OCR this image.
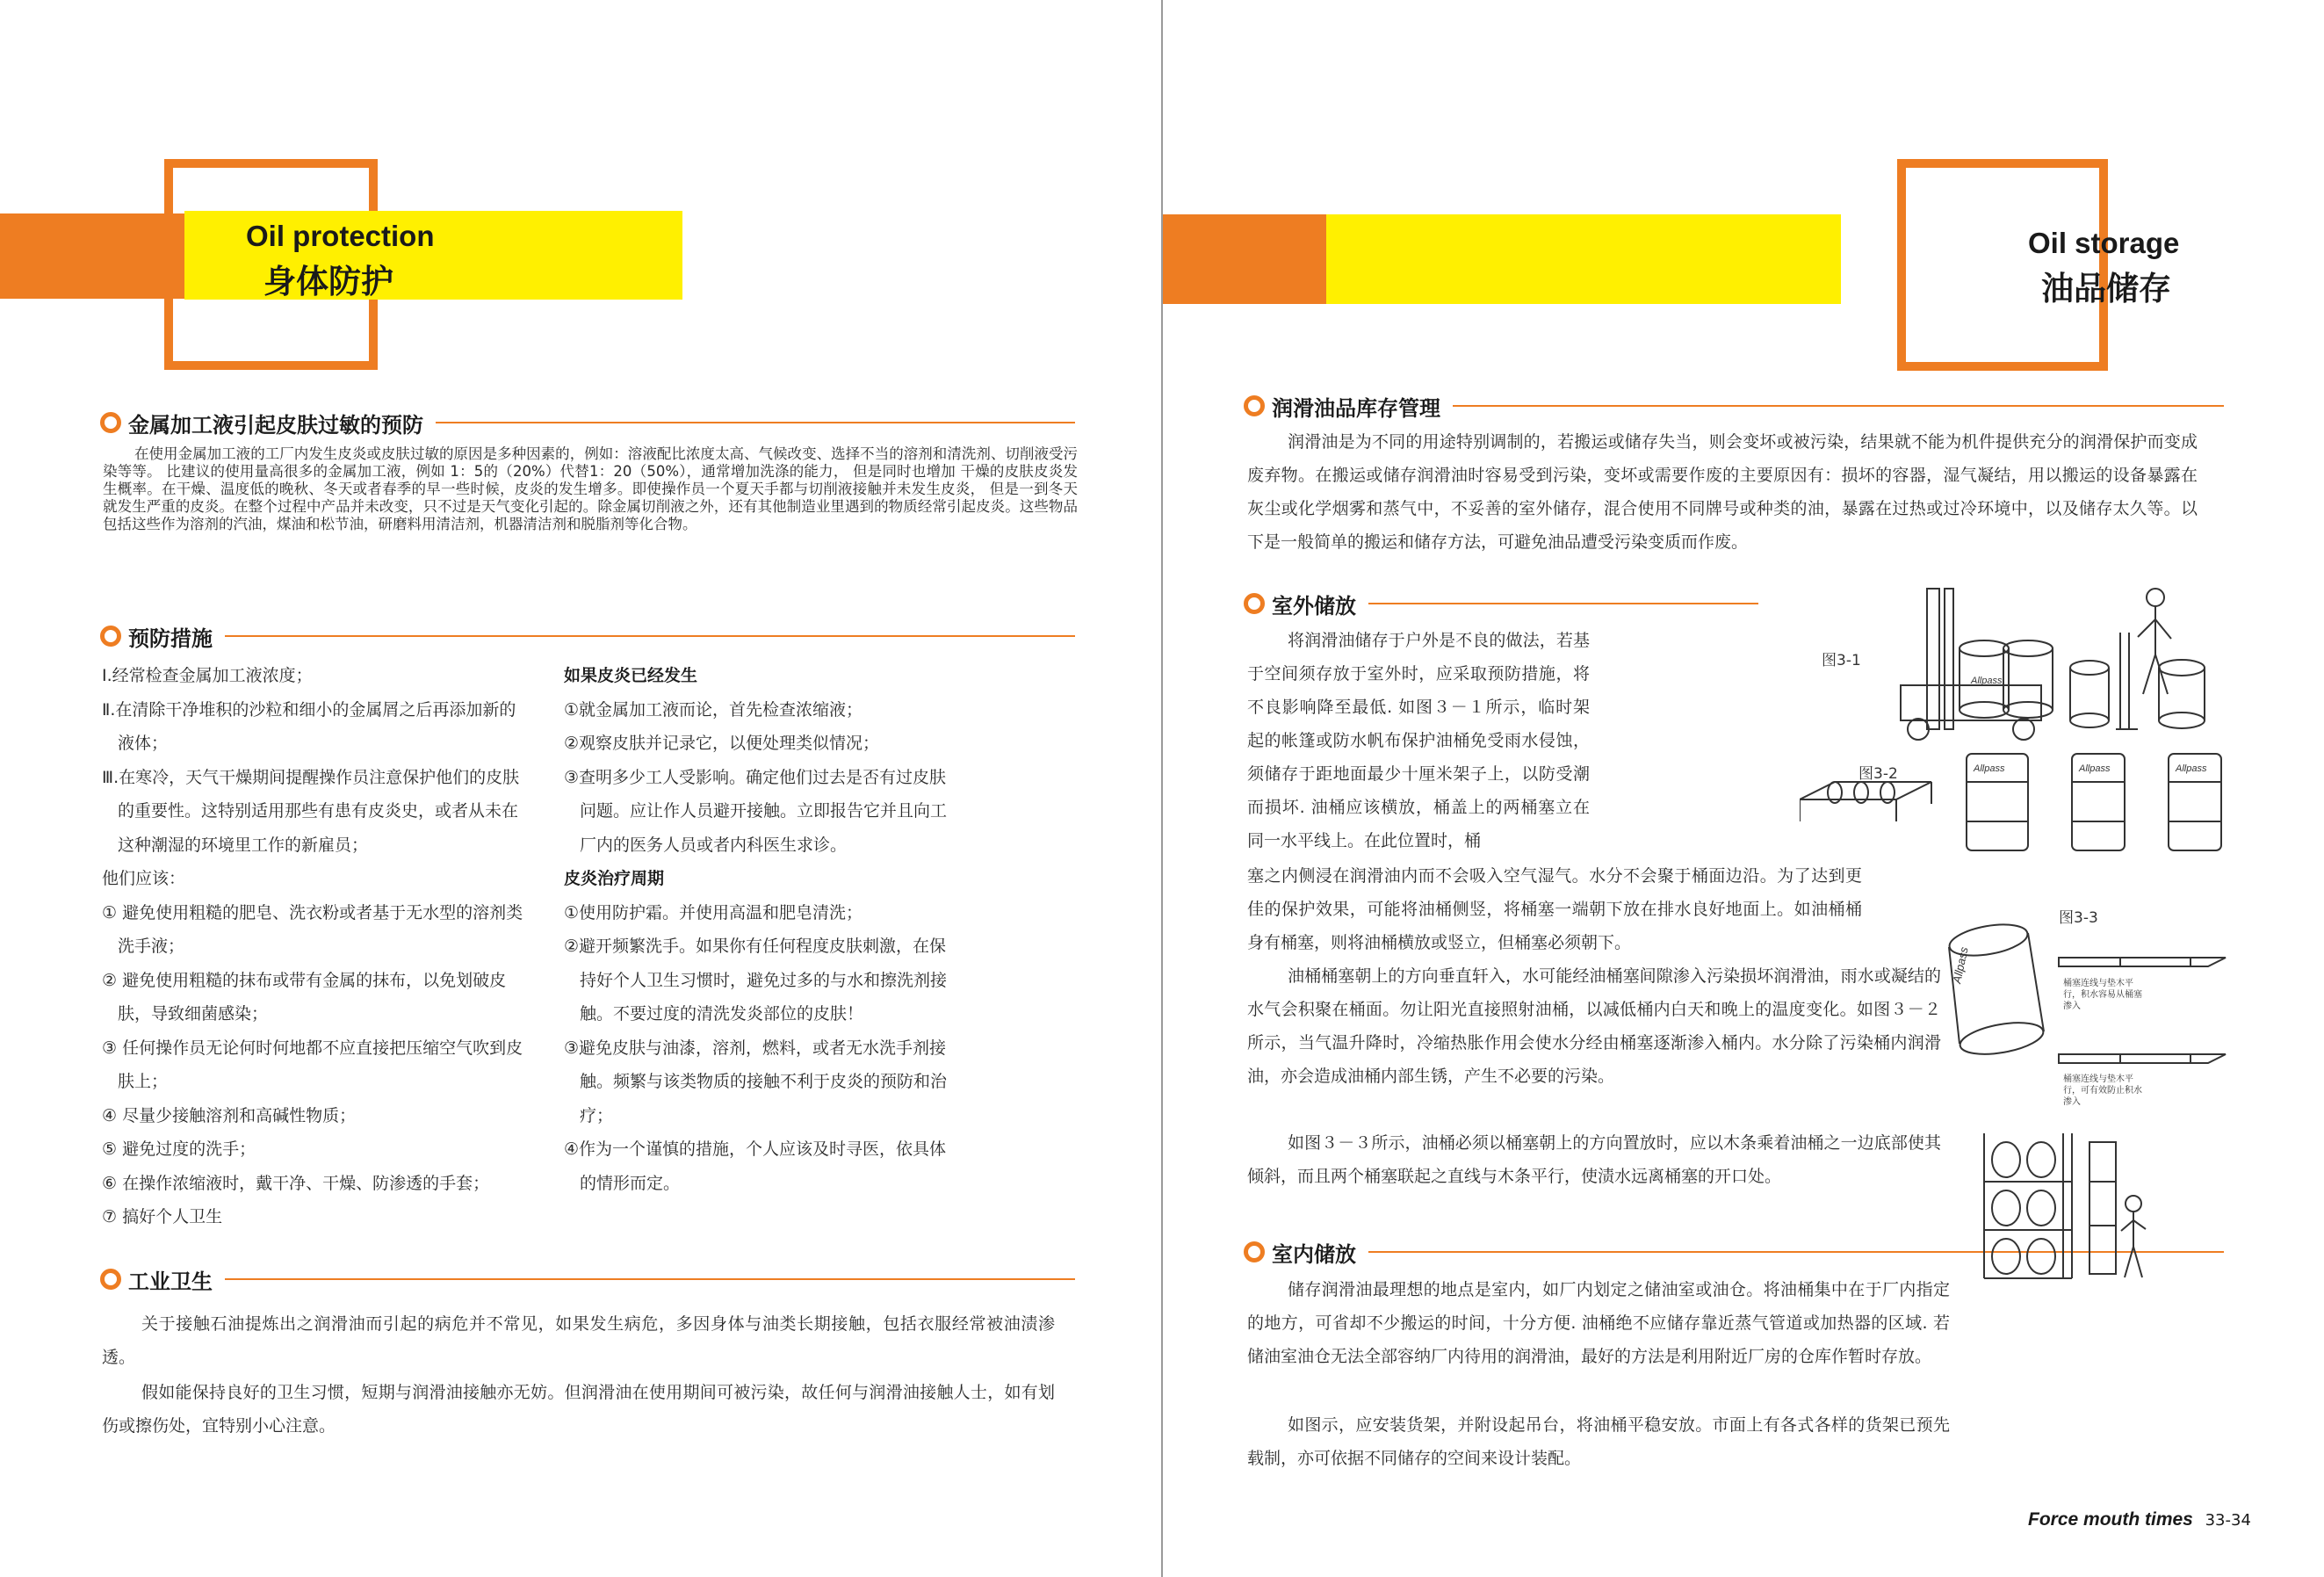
Oil protection
身体防护
金属加工液引起皮肤过敏的预防
在使用金属加工液的工厂内发生皮炎或皮肤过敏的原因是多种因素的，例如：溶液配比浓度太高、气候改变、选择不当的溶剂和清洗剂、切削液受污染等等。 比建议的使用量高很多的金属加工液，例如 1：5的（20%）代替1：20（50%），通常增加洗涤的能力， 但是同时也增加 干燥的皮肤皮炎发生概率。在干燥、温度低的晚秋、冬天或者春季的早一些时候，皮炎的发生增多。即使操作员一个夏天手都与切削液接触并未发生皮炎， 但是一到冬天就发生严重的皮炎。在整个过程中产品并未改变，只不过是天气变化引起的。除金属切削液之外，还有其他制造业里遇到的物质经常引起皮炎。这些物品包括这些作为溶剂的汽油，煤油和松节油，研磨料用清洁剂，机器清洁剂和脱脂剂等化合物。
预防措施
Ⅰ.经常检查金属加工液浓度；
Ⅱ.在清除干净堆积的沙粒和细小的金属屑之后再添加新的液体；
Ⅲ.在寒冷，天气干燥期间提醒操作员注意保护他们的皮肤的重要性。这特别适用那些有患有皮炎史，或者从未在这种潮湿的环境里工作的新雇员；
他们应该：
① 避免使用粗糙的肥皂、洗衣粉或者基于无水型的溶剂类洗手液；
② 避免使用粗糙的抹布或带有金属的抹布，以免划破皮肤，导致细菌感染；
③ 任何操作员无论何时何地都不应直接把压缩空气吹到皮肤上；
④ 尽量少接触溶剂和高碱性物质；
⑤ 避免过度的洗手；
⑥ 在操作浓缩液时，戴干净、干燥、防渗透的手套；
⑦ 搞好个人卫生
如果皮炎已经发生
①就金属加工液而论，首先检查浓缩液；
②观察皮肤并记录它，以便处理类似情况；
③查明多少工人受影响。确定他们过去是否有过皮肤问题。应让作人员避开接触。立即报告它并且向工厂内的医务人员或者内科医生求诊。
皮炎治疗周期
①使用防护霜。并使用高温和肥皂清洗；
②避开频繁洗手。如果你有任何程度皮肤刺激，在保持好个人卫生习惯时，避免过多的与水和擦洗剂接触。不要过度的清洗发炎部位的皮肤！
③避免皮肤与油漆，溶剂，燃料，或者无水洗手剂接触。频繁与该类物质的接触不利于皮炎的预防和治疗；
④作为一个谨慎的措施，个人应该及时寻医，依具体的情形而定。
工业卫生
关于接触石油提炼出之润滑油而引起的病危并不常见，如果发生病危，多因身体与油类长期接触，包括衣服经常被油渍渗透。
假如能保持良好的卫生习惯，短期与润滑油接触亦无妨。但润滑油在使用期间可被污染，故任何与润滑油接触人士，如有划伤或擦伤处，宜特别小心注意。
Oil storage
油品储存
润滑油品库存管理
润滑油是为不同的用途特别调制的，若搬运或储存失当，则会变坏或被污染，结果就不能为机件提供充分的润滑保护而变成废弃物。在搬运或储存润滑油时容易受到污染，变坏或需要作废的主要原因有：损坏的容器，湿气凝结，用以搬运的设备暴露在灰尘或化学烟雾和蒸气中，不妥善的室外储存，混合使用不同牌号或种类的油，暴露在过热或过冷环境中，以及储存太久等。以下是一般简单的搬运和储存方法，可避免油品遭受污染变质而作废。
室外储放
将润滑油储存于户外是不良的做法，若基于空间须存放于室外时，应采取预防措施，将不良影响降至最低. 如图３－１所示，临时架起的帐篷或防水帆布保护油桶免受雨水侵蚀，须储存于距地面最少十厘米架子上，以防受潮而损坏. 油桶应该横放，桶盖上的两桶塞立在同一水平线上。在此位置时，桶
塞之内侧浸在润滑油内而不会吸入空气湿气。水分不会聚于桶面边沿。为了达到更佳的保护效果，可能将油桶侧竖，将桶塞一端朝下放在排水良好地面上。如油桶桶身有桶塞，则将油桶横放或竖立，但桶塞必须朝下。
油桶桶塞朝上的方向垂直轩入，水可能经油桶塞间隙渗入污染损坏润滑油，雨水或凝结的水气会积聚在桶面。勿让阳光直接照射油桶，以减低桶内白天和晚上的温度变化。如图３－２所示，当气温升降时，冷缩热胀作用会使水分经由桶塞逐渐渗入桶内。水分除了污染桶内润滑油，亦会造成油桶内部生锈，产生不必要的污染。
如图３－３所示，油桶必须以桶塞朝上的方向置放时，应以木条乘着油桶之一边底部使其倾斜，而且两个桶塞联起之直线与木条平行，使渍水远离桶塞的开口处。
室内储放
储存润滑油最理想的地点是室内，如厂内划定之储油室或油仓。将油桶集中在于厂内指定的地方，可省却不少搬运的时间，十分方便. 油桶绝不应储存靠近蒸气管道或加热器的区域. 若储油室油仓无法全部容纳厂内待用的润滑油，最好的方法是利用附近厂房的仓库作暂时存放。
如图示，应安装货架，并附设起吊台，将油桶平稳安放。市面上有各式各样的货架已预先载制，亦可依据不同储存的空间来设计装配。
图3-1
Allpass
图3-2	Allpass	Allpass	Allpass
图3-3
Allpass	桶塞连线与垫木平行，积水容易从桶塞渗入
桶塞连线与垫木平行，可有效防止积水渗入
Force mouth times 33-34
